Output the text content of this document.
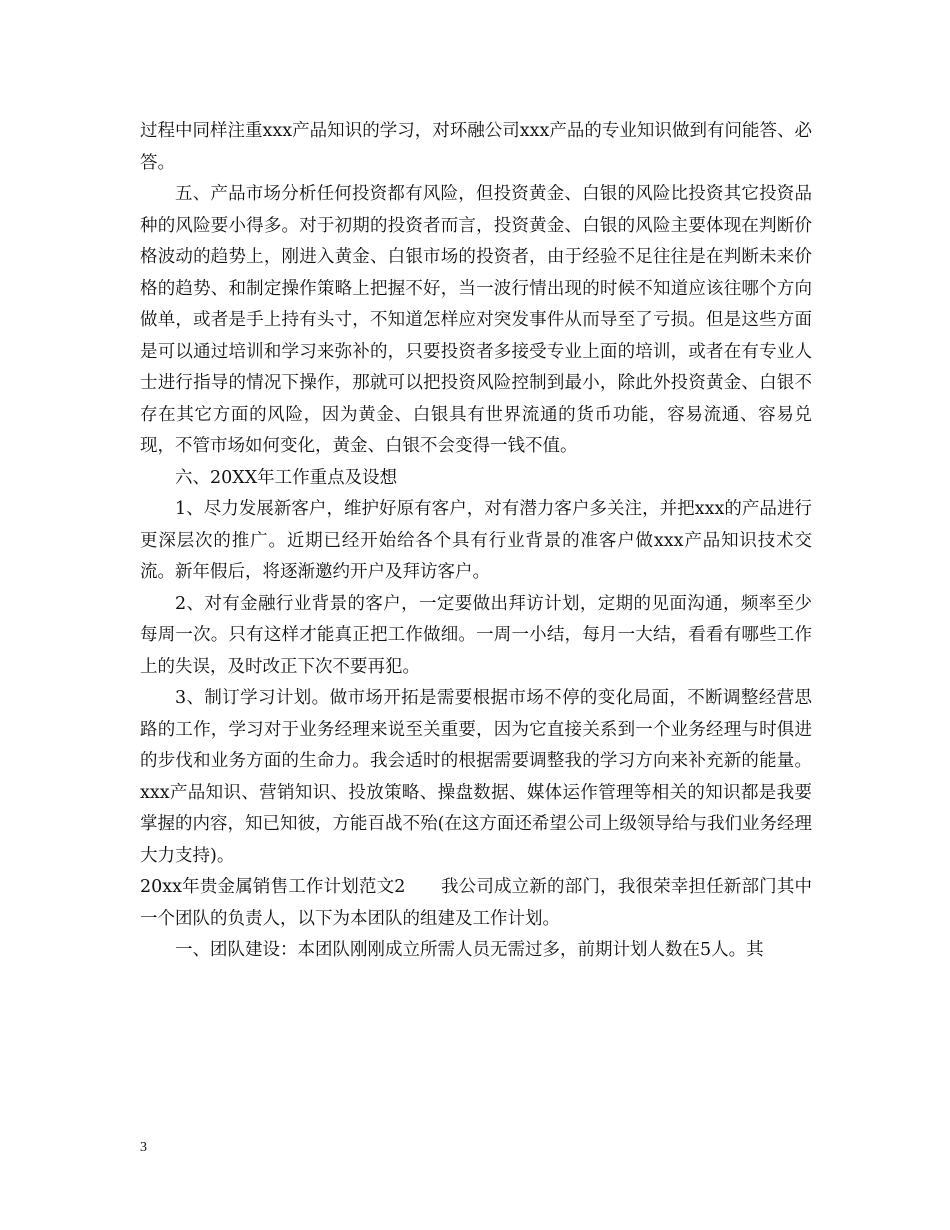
过程中同样注重xxx产品知识的学习，对环融公司xxx产品的专业知识做到有问能答、必答。

五、产品市场分析任何投资都有风险，但投资黄金、白银的风险比投资其它投资品种的风险要小得多。对于初期的投资者而言，投资黄金、白银的风险主要体现在判断价格波动的趋势上，刚进入黄金、白银市场的投资者，由于经验不足往往是在判断未来价格的趋势、和制定操作策略上把握不好，当一波行情出现的时候不知道应该往哪个方向做单，或者是手上持有头寸，不知道怎样应对突发事件从而导至了亏损。但是这些方面是可以通过培训和学习来弥补的，只要投资者多接受专业上面的培训，或者在有专业人士进行指导的情况下操作，那就可以把投资风险控制到最小，除此外投资黄金、白银不存在其它方面的风险，因为黄金、白银具有世界流通的货币功能，容易流通、容易兑现，不管市场如何变化，黄金、白银不会变得一钱不值。

六、20XX年工作重点及设想

1、尽力发展新客户，维护好原有客户，对有潜力客户多关注，并把xxx的产品进行更深层次的推广。近期已经开始给各个具有行业背景的准客户做xxx产品知识技术交流。新年假后，将逐渐邀约开户及拜访客户。

2、对有金融行业背景的客户，一定要做出拜访计划，定期的见面沟通，频率至少每周一次。只有这样才能真正把工作做细。一周一小结，每月一大结，看看有哪些工作上的失误，及时改正下次不要再犯。

3、制订学习计划。做市场开拓是需要根据市场不停的变化局面，不断调整经营思路的工作，学习对于业务经理来说至关重要，因为它直接关系到一个业务经理与时俱进的步伐和业务方面的生命力。我会适时的根据需要调整我的学习方向来补充新的能量。xxx产品知识、营销知识、投放策略、操盘数据、媒体运作管理等相关的知识都是我要掌握的内容，知已知彼，方能百战不殆(在这方面还希望公司上级领导给与我们业务经理大力支持)。

20xx年贵金属销售工作计划范文2　　我公司成立新的部门，我很荣幸担任新部门其中一个团队的负责人，以下为本团队的组建及工作计划。

一、团队建设：本团队刚刚成立所需人员无需过多，前期计划人数在5人。其

3
